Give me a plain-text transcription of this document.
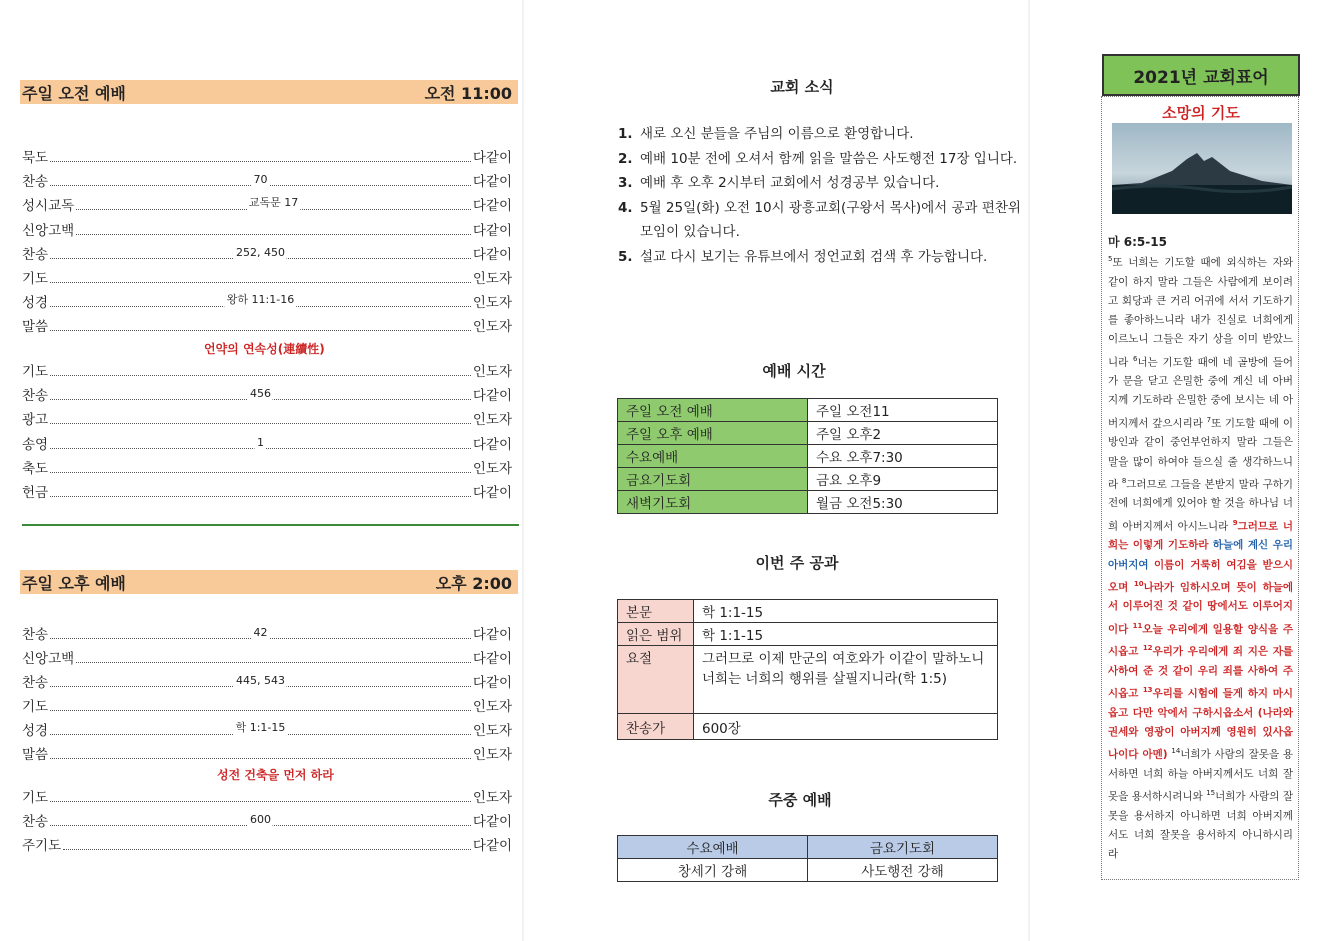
주일 오전 예배	오전 11:00
묵도	다같이
찬송	70	다같이
성시교독	교독문 17	다같이
신앙고백	다같이
찬송	252, 450	다같이
기도	인도자
성경	왕하 11:1-16	인도자
말씀	인도자
언약의 연속성(連續性)
기도	인도자
찬송	456	다같이
광고	인도자
송영	1	다같이
축도	인도자
헌금	다같이
주일 오후 예배	오후 2:00
찬송	42	다같이
신앙고백	다같이
찬송	445, 543	다같이
기도	인도자
성경	학 1:1-15	인도자
말씀	인도자
성전 건축을 먼저 하라
기도	인도자
찬송	600	다같이
주기도	다같이
교회 소식
1. 새로 오신 분들을 주님의 이름으로 환영합니다.
2. 예배 10분 전에 오셔서 함께 읽을 말씀은 사도행전 17장 입니다.
3. 예배 후 오후 2시부터 교회에서 성경공부 있습니다.
4. 5월 25일(화) 오전 10시 광흥교회(구왕서 목사)에서 공과 편찬위 모임이 있습니다.
5. 설교 다시 보기는 유튜브에서 정언교회 검색 후 가능합니다.
예배 시간
주일 오전 예배	주일 오전11
주일 오후 예배	주일 오후2
수요예배	수요 오후7:30
금요기도회	금요 오후9
새벽기도회	월금 오전5:30
이번 주 공과
본문	학 1:1-15
읽은 범위	학 1:1-15
요절	그러므로 이제 만군의 여호와가 이같이 말하노니 너희는 너희의 행위를 살필지니라(학 1:5)
찬송가	600장
주중 예배
수요예배	금요기도회
창세기 강해	사도행전 강해
2021년 교회표어
소망의 기도
마 6:5-15
$^5$또 너희는 기도할 때에 외식하는 자와 같이 하지 말라 그들은 사람에게 보이려고 회당과 큰 거리 어귀에 서서 기도하기를 좋아하느니라 내가 진실로 너희에게 이르노니 그들은 자기 상을 이미 받았느니라 $^6$너는 기도할 때에 네 골방에 들어가 문을 닫고 은밀한 중에 계신 네 아버지께 기도하라 은밀한 중에 보시는 네 아버지께서 갚으시리라 $^7$또 기도할 때에 이방인과 같이 중언부언하지 말라 그들은 말을 많이 하여야 들으실 줄 생각하느니라 $^8$그러므로 그들을 본받지 말라 구하기 전에 너희에게 있어야 할 것을 하나님 너희 아버지께서 아시느니라 $^9$그러므로 너희는 이렇게 기도하라 하늘에 계신 우리 아버지여 이름이 거룩히 여김을 받으시오며 $^{10}$나라가 임하시오며 뜻이 하늘에서 이루어진 것 같이 땅에서도 이루어지이다 $^{11}$오늘 우리에게 일용할 양식을 주시옵고 $^{12}$우리가 우리에게 죄 지은 자를 사하여 준 것 같이 우리 죄를 사하여 주시옵고 $^{13}$우리를 시험에 들게 하지 마시옵고 다만 악에서 구하시옵소서 (나라와 권세와 영광이 아버지께 영원히 있사옵나이다 아멘) $^{14}$너희가 사람의 잘못을 용서하면 너희 하늘 아버지께서도 너희 잘못을 용서하시려니와 $^{15}$너희가 사람의 잘못을 용서하지 아니하면 너희 아버지께서도 너희 잘못을 용서하지 아니하시리라
